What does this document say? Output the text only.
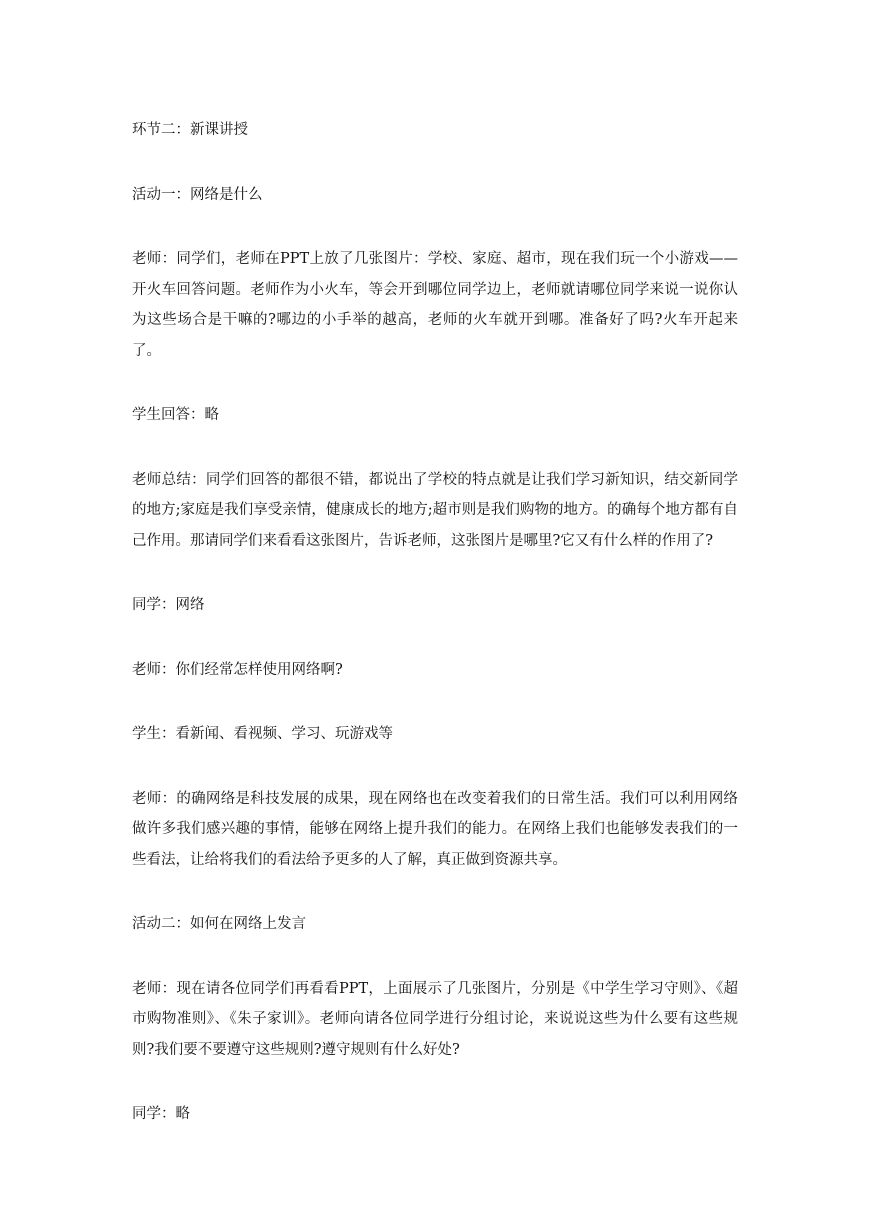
环节二：新课讲授

活动一：网络是什么

老师：同学们，老师在PPT上放了几张图片：学校、家庭、超市，现在我们玩一个小游戏——开火车回答问题。老师作为小火车，等会开到哪位同学边上，老师就请哪位同学来说一说你认为这些场合是干嘛的?哪边的小手举的越高，老师的火车就开到哪。准备好了吗?火车开起来了。

学生回答：略

老师总结：同学们回答的都很不错，都说出了学校的特点就是让我们学习新知识，结交新同学的地方;家庭是我们享受亲情，健康成长的地方;超市则是我们购物的地方。的确每个地方都有自己作用。那请同学们来看看这张图片，告诉老师，这张图片是哪里?它又有什么样的作用了?

同学：网络

老师：你们经常怎样使用网络啊?

学生：看新闻、看视频、学习、玩游戏等

老师：的确网络是科技发展的成果，现在网络也在改变着我们的日常生活。我们可以利用网络做许多我们感兴趣的事情，能够在网络上提升我们的能力。在网络上我们也能够发表我们的一些看法，让给将我们的看法给予更多的人了解，真正做到资源共享。

活动二：如何在网络上发言

老师：现在请各位同学们再看看PPT，上面展示了几张图片，分别是《中学生学习守则》、《超市购物准则》、《朱子家训》。老师向请各位同学进行分组讨论，来说说这些为什么要有这些规则?我们要不要遵守这些规则?遵守规则有什么好处?

同学：略
